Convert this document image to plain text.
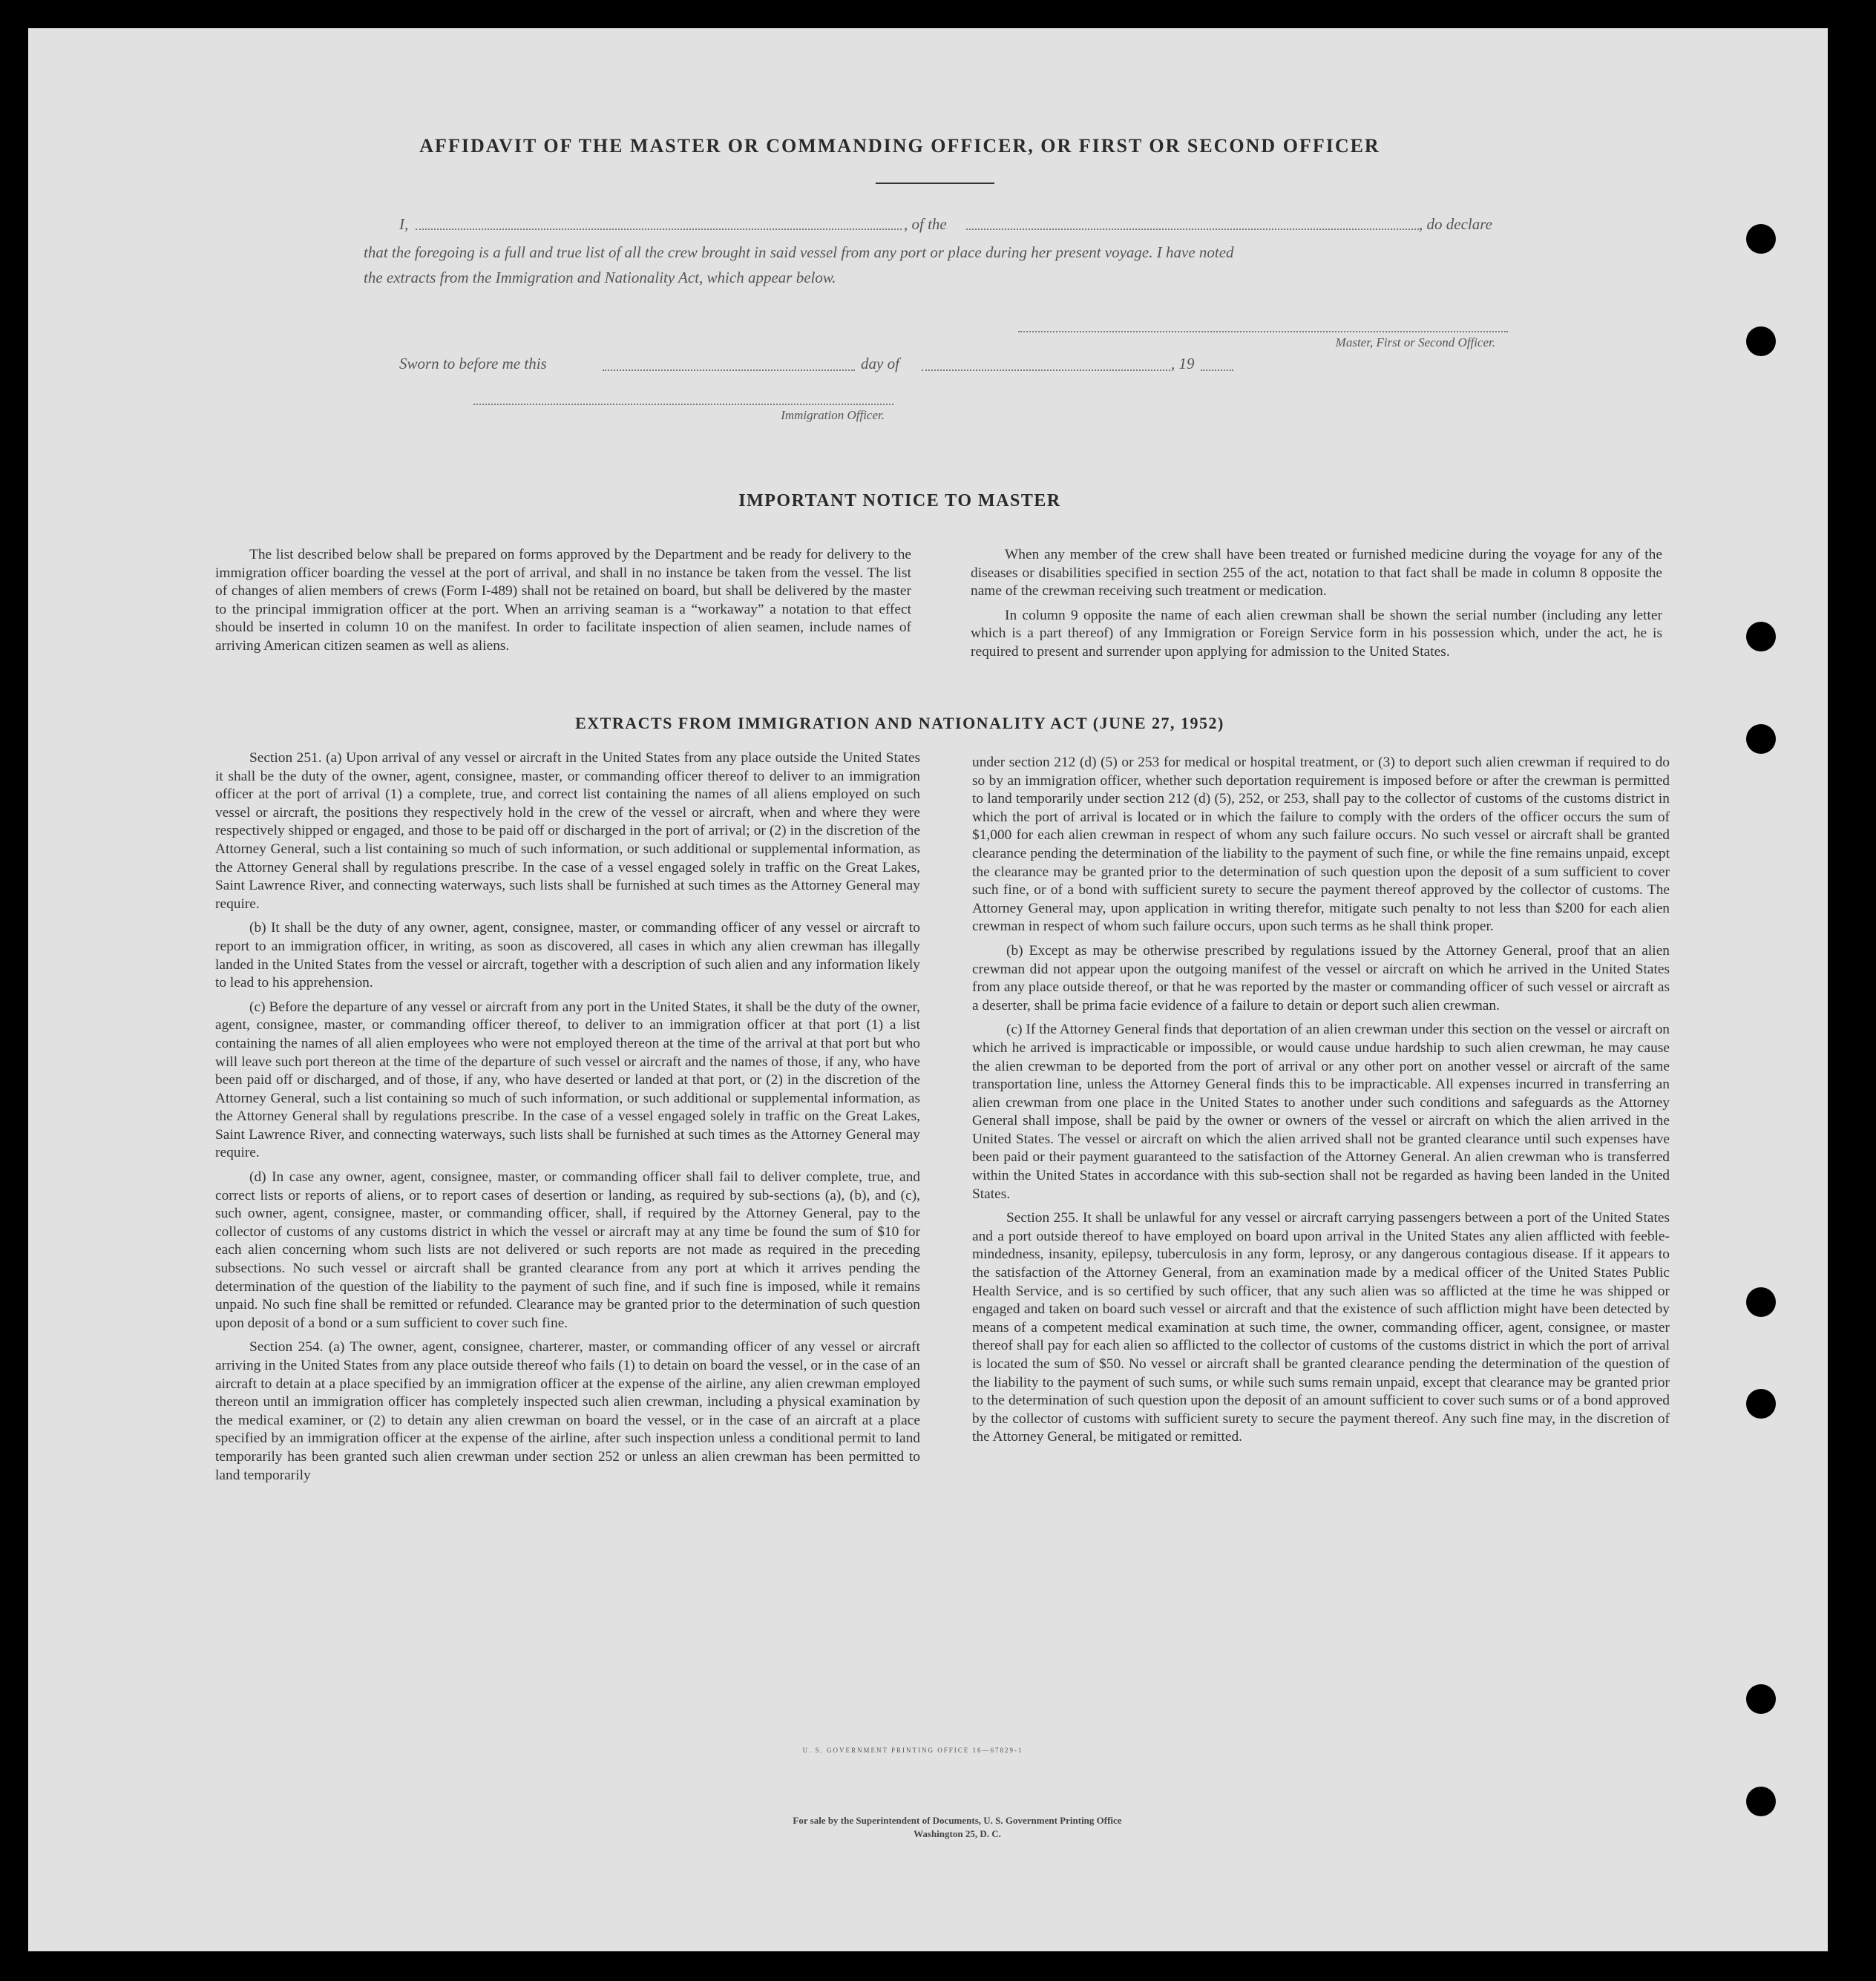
AFFIDAVIT OF THE MASTER OR COMMANDING OFFICER, OR FIRST OR SECOND OFFICER
I,	, of the	, do declare
that the foregoing is a full and true list of all the crew brought in said vessel from any port or place during her present voyage. I have noted
the extracts from the Immigration and Nationality Act, which appear below.
Master, First or Second Officer.
Sworn to before me this	day of	, 19
Immigration Officer.
IMPORTANT NOTICE TO MASTER

The list described below shall be prepared on forms approved by the Department and be ready for delivery to the immigration officer boarding the vessel at the port of arrival, and shall in no instance be taken from the vessel. The list of changes of alien members of crews (Form I-489) shall not be retained on board, but shall be delivered by the master to the principal immigration officer at the port. When an arriving seaman is a “workaway” a notation to that effect should be inserted in column 10 on the manifest. In order to facilitate inspection of alien seamen, include names of arriving American citizen seamen as well as aliens.

When any member of the crew shall have been treated or furnished medicine during the voyage for any of the diseases or disabilities specified in section 255 of the act, notation to that fact shall be made in column 8 opposite the name of the crewman receiving such treatment or medication.

In column 9 opposite the name of each alien crewman shall be shown the serial number (including any letter which is a part thereof) of any Immigration or Foreign Service form in his possession which, under the act, he is required to present and surrender upon applying for admission to the United States.

EXTRACTS FROM IMMIGRATION AND NATIONALITY ACT (JUNE 27, 1952)

Section 251. (a) Upon arrival of any vessel or aircraft in the United States from any place outside the United States it shall be the duty of the owner, agent, consignee, master, or commanding officer thereof to deliver to an immigration officer at the port of arrival (1) a complete, true, and correct list containing the names of all aliens employed on such vessel or aircraft, the positions they respectively hold in the crew of the vessel or aircraft, when and where they were respectively shipped or engaged, and those to be paid off or discharged in the port of arrival; or (2) in the discretion of the Attorney General, such a list containing so much of such information, or such additional or supplemental information, as the Attorney General shall by regulations prescribe. In the case of a vessel engaged solely in traffic on the Great Lakes, Saint Lawrence River, and connecting waterways, such lists shall be furnished at such times as the Attorney General may require.

(b) It shall be the duty of any owner, agent, consignee, master, or commanding officer of any vessel or aircraft to report to an immigration officer, in writing, as soon as discovered, all cases in which any alien crewman has illegally landed in the United States from the vessel or aircraft, together with a description of such alien and any information likely to lead to his apprehension.

(c) Before the departure of any vessel or aircraft from any port in the United States, it shall be the duty of the owner, agent, consignee, master, or commanding officer thereof, to deliver to an immigration officer at that port (1) a list containing the names of all alien employees who were not employed thereon at the time of the arrival at that port but who will leave such port thereon at the time of the departure of such vessel or aircraft and the names of those, if any, who have been paid off or discharged, and of those, if any, who have deserted or landed at that port, or (2) in the discretion of the Attorney General, such a list containing so much of such information, or such additional or supplemental information, as the Attorney General shall by regulations prescribe. In the case of a vessel engaged solely in traffic on the Great Lakes, Saint Lawrence River, and connecting waterways, such lists shall be furnished at such times as the Attorney General may require.

(d) In case any owner, agent, consignee, master, or commanding officer shall fail to deliver complete, true, and correct lists or reports of aliens, or to report cases of desertion or landing, as required by sub-sections (a), (b), and (c), such owner, agent, consignee, master, or commanding officer, shall, if required by the Attorney General, pay to the collector of customs of any customs district in which the vessel or aircraft may at any time be found the sum of $10 for each alien concerning whom such lists are not delivered or such reports are not made as required in the preceding subsections. No such vessel or aircraft shall be granted clearance from any port at which it arrives pending the determination of the question of the liability to the payment of such fine, and if such fine is imposed, while it remains unpaid. No such fine shall be remitted or refunded. Clearance may be granted prior to the determination of such question upon deposit of a bond or a sum sufficient to cover such fine.

Section 254. (a) The owner, agent, consignee, charterer, master, or commanding officer of any vessel or aircraft arriving in the United States from any place outside thereof who fails (1) to detain on board the vessel, or in the case of an aircraft to detain at a place specified by an immigration officer at the expense of the airline, any alien crewman employed thereon until an immigration officer has completely inspected such alien crewman, including a physical examination by the medical examiner, or (2) to detain any alien crewman on board the vessel, or in the case of an aircraft at a place specified by an immigration officer at the expense of the airline, after such inspection unless a conditional permit to land temporarily has been granted such alien crewman under section 252 or unless an alien crewman has been permitted to land temporarily

under section 212 (d) (5) or 253 for medical or hospital treatment, or (3) to deport such alien crewman if required to do so by an immigration officer, whether such deportation requirement is imposed before or after the crewman is permitted to land temporarily under section 212 (d) (5), 252, or 253, shall pay to the collector of customs of the customs district in which the port of arrival is located or in which the failure to comply with the orders of the officer occurs the sum of $1,000 for each alien crewman in respect of whom any such failure occurs. No such vessel or aircraft shall be granted clearance pending the determination of the liability to the payment of such fine, or while the fine remains unpaid, except the clearance may be granted prior to the determination of such question upon the deposit of a sum sufficient to cover such fine, or of a bond with sufficient surety to secure the payment thereof approved by the collector of customs. The Attorney General may, upon application in writing therefor, mitigate such penalty to not less than $200 for each alien crewman in respect of whom such failure occurs, upon such terms as he shall think proper.

(b) Except as may be otherwise prescribed by regulations issued by the Attorney General, proof that an alien crewman did not appear upon the outgoing manifest of the vessel or aircraft on which he arrived in the United States from any place outside thereof, or that he was reported by the master or commanding officer of such vessel or aircraft as a deserter, shall be prima facie evidence of a failure to detain or deport such alien crewman.

(c) If the Attorney General finds that deportation of an alien crewman under this section on the vessel or aircraft on which he arrived is impracticable or impossible, or would cause undue hardship to such alien crewman, he may cause the alien crewman to be deported from the port of arrival or any other port on another vessel or aircraft of the same transportation line, unless the Attorney General finds this to be impracticable. All expenses incurred in transferring an alien crewman from one place in the United States to another under such conditions and safeguards as the Attorney General shall impose, shall be paid by the owner or owners of the vessel or aircraft on which the alien arrived in the United States. The vessel or aircraft on which the alien arrived shall not be granted clearance until such expenses have been paid or their payment guaranteed to the satisfaction of the Attorney General. An alien crewman who is transferred within the United States in accordance with this sub-section shall not be regarded as having been landed in the United States.

Section 255. It shall be unlawful for any vessel or aircraft carrying passengers between a port of the United States and a port outside thereof to have employed on board upon arrival in the United States any alien afflicted with feeble-mindedness, insanity, epilepsy, tuberculosis in any form, leprosy, or any dangerous contagious disease. If it appears to the satisfaction of the Attorney General, from an examination made by a medical officer of the United States Public Health Service, and is so certified by such officer, that any such alien was so afflicted at the time he was shipped or engaged and taken on board such vessel or aircraft and that the existence of such affliction might have been detected by means of a competent medical examination at such time, the owner, commanding officer, agent, consignee, or master thereof shall pay for each alien so afflicted to the collector of customs of the customs district in which the port of arrival is located the sum of $50. No vessel or aircraft shall be granted clearance pending the determination of the question of the liability to the payment of such sums, or while such sums remain unpaid, except that clearance may be granted prior to the determination of such question upon the deposit of an amount sufficient to cover such sums or of a bond approved by the collector of customs with sufficient surety to secure the payment thereof. Any such fine may, in the discretion of the Attorney General, be mitigated or remitted.

U. S. GOVERNMENT PRINTING OFFICE 16—67829-1
For sale by the Superintendent of Documents, U. S. Government Printing Office
Washington 25, D. C.
